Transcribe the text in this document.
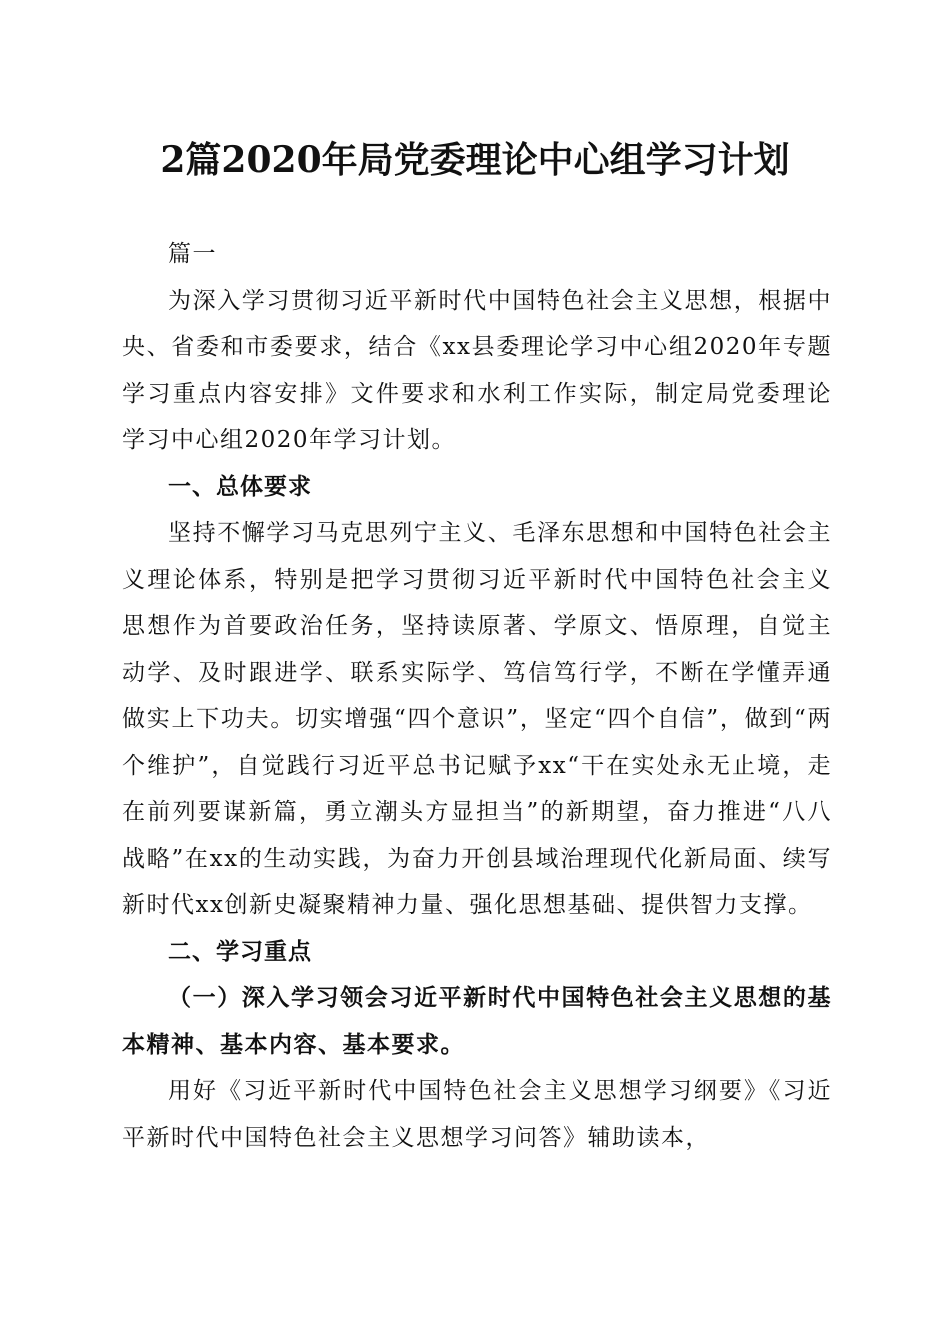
2篇2020年局党委理论中心组学习计划

篇一

为深入学习贯彻习近平新时代中国特色社会主义思想，根据中央、省委和市委要求，结合《xx县委理论学习中心组2020年专题学习重点内容安排》文件要求和水利工作实际，制定局党委理论学习中心组2020年学习计划。

一、总体要求

坚持不懈学习马克思列宁主义、毛泽东思想和中国特色社会主义理论体系，特别是把学习贯彻习近平新时代中国特色社会主义思想作为首要政治任务，坚持读原著、学原文、悟原理，自觉主动学、及时跟进学、联系实际学、笃信笃行学，不断在学懂弄通做实上下功夫。切实增强“四个意识”，坚定“四个自信”，做到“两个维护”，自觉践行习近平总书记赋予xx“干在实处永无止境，走在前列要谋新篇，勇立潮头方显担当”的新期望，奋力推进“八八战略”在xx的生动实践，为奋力开创县域治理现代化新局面、续写新时代xx创新史凝聚精神力量、强化思想基础、提供智力支撑。

二、学习重点

（一）深入学习领会习近平新时代中国特色社会主义思想的基本精神、基本内容、基本要求。

用好《习近平新时代中国特色社会主义思想学习纲要》《习近平新时代中国特色社会主义思想学习问答》辅助读本，
